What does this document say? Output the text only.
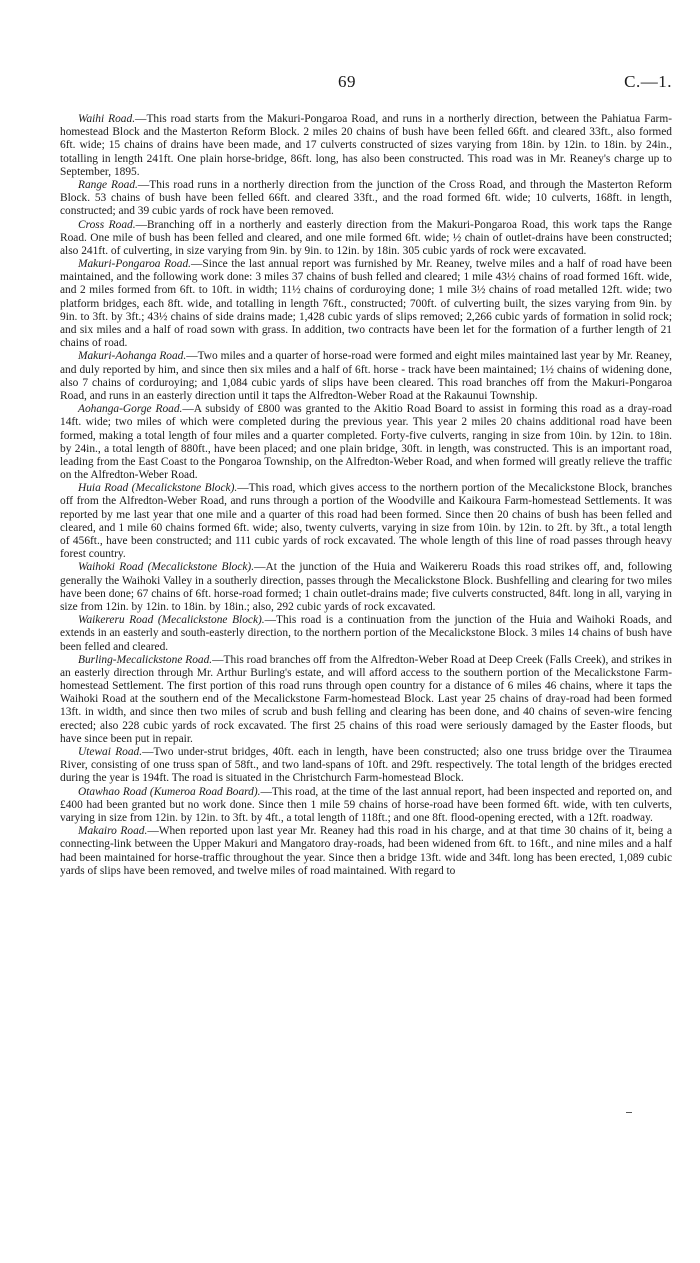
69	C.—1.

Waihi Road.—This road starts from the Makuri-Pongaroa Road, and runs in a northerly direction, between the Pahiatua Farm-homestead Block and the Masterton Reform Block. 2 miles 20 chains of bush have been felled 66ft. and cleared 33ft., also formed 6ft. wide; 15 chains of drains have been made, and 17 culverts constructed of sizes varying from 18in. by 12in. to 18in. by 24in., totalling in length 241ft. One plain horse-bridge, 86ft. long, has also been constructed. This road was in Mr. Reaney's charge up to September, 1895.

Range Road.—This road runs in a northerly direction from the junction of the Cross Road, and through the Masterton Reform Block. 53 chains of bush have been felled 66ft. and cleared 33ft., and the road formed 6ft. wide; 10 culverts, 168ft. in length, constructed; and 39 cubic yards of rock have been removed.

Cross Road.—Branching off in a northerly and easterly direction from the Makuri-Pongaroa Road, this work taps the Range Road. One mile of bush has been felled and cleared, and one mile formed 6ft. wide; ½ chain of outlet-drains have been constructed; also 241ft. of culverting, in size varying from 9in. by 9in. to 12in. by 18in. 305 cubic yards of rock were excavated.

Makuri-Pongaroa Road.—Since the last annual report was furnished by Mr. Reaney, twelve miles and a half of road have been maintained, and the following work done: 3 miles 37 chains of bush felled and cleared; 1 mile 43½ chains of road formed 16ft. wide, and 2 miles formed from 6ft. to 10ft. in width; 11½ chains of corduroying done; 1 mile 3½ chains of road metalled 12ft. wide; two platform bridges, each 8ft. wide, and totalling in length 76ft., constructed; 700ft. of culverting built, the sizes varying from 9in. by 9in. to 3ft. by 3ft.; 43½ chains of side drains made; 1,428 cubic yards of slips removed; 2,266 cubic yards of formation in solid rock; and six miles and a half of road sown with grass. In addition, two contracts have been let for the formation of a further length of 21 chains of road.

Makuri-Aohanga Road.—Two miles and a quarter of horse-road were formed and eight miles maintained last year by Mr. Reaney, and duly reported by him, and since then six miles and a half of 6ft. horse - track have been maintained; 1½ chains of widening done, also 7 chains of corduroying; and 1,084 cubic yards of slips have been cleared. This road branches off from the Makuri-Pongaroa Road, and runs in an easterly direction until it taps the Alfredton-Weber Road at the Rakaunui Township.

Aohanga-Gorge Road.—A subsidy of £800 was granted to the Akitio Road Board to assist in forming this road as a dray-road 14ft. wide; two miles of which were completed during the previous year. This year 2 miles 20 chains additional road have been formed, making a total length of four miles and a quarter completed. Forty-five culverts, ranging in size from 10in. by 12in. to 18in. by 24in., a total length of 880ft., have been placed; and one plain bridge, 30ft. in length, was constructed. This is an important road, leading from the East Coast to the Pongaroa Township, on the Alfredton-Weber Road, and when formed will greatly relieve the traffic on the Alfredton-Weber Road.

Huia Road (Mecalickstone Block).—This road, which gives access to the northern portion of the Mecalickstone Block, branches off from the Alfredton-Weber Road, and runs through a portion of the Woodville and Kaikoura Farm-homestead Settlements. It was reported by me last year that one mile and a quarter of this road had been formed. Since then 20 chains of bush has been felled and cleared, and 1 mile 60 chains formed 6ft. wide; also, twenty culverts, varying in size from 10in. by 12in. to 2ft. by 3ft., a total length of 456ft., have been constructed; and 111 cubic yards of rock excavated. The whole length of this line of road passes through heavy forest country.

Waihoki Road (Mecalickstone Block).—At the junction of the Huia and Waikereru Roads this road strikes off, and, following generally the Waihoki Valley in a southerly direction, passes through the Mecalickstone Block. Bushfelling and clearing for two miles have been done; 67 chains of 6ft. horse-road formed; 1 chain outlet-drains made; five culverts constructed, 84ft. long in all, varying in size from 12in. by 12in. to 18in. by 18in.; also, 292 cubic yards of rock excavated.

Waikereru Road (Mecalickstone Block).—This road is a continuation from the junction of the Huia and Waihoki Roads, and extends in an easterly and south-easterly direction, to the northern portion of the Mecalickstone Block. 3 miles 14 chains of bush have been felled and cleared.

Burling-Mecalickstone Road.—This road branches off from the Alfredton-Weber Road at Deep Creek (Falls Creek), and strikes in an easterly direction through Mr. Arthur Burling's estate, and will afford access to the southern portion of the Mecalickstone Farm-homestead Settlement. The first portion of this road runs through open country for a distance of 6 miles 46 chains, where it taps the Waihoki Road at the southern end of the Mecalickstone Farm-homestead Block. Last year 25 chains of dray-road had been formed 13ft. in width, and since then two miles of scrub and bush felling and clearing has been done, and 40 chains of seven-wire fencing erected; also 228 cubic yards of rock excavated. The first 25 chains of this road were seriously damaged by the Easter floods, but have since been put in repair.

Utewai Road.—Two under-strut bridges, 40ft. each in length, have been constructed; also one truss bridge over the Tiraumea River, consisting of one truss span of 58ft., and two land-spans of 10ft. and 29ft. respectively. The total length of the bridges erected during the year is 194ft. The road is situated in the Christchurch Farm-homestead Block.

Otawhao Road (Kumeroa Road Board).—This road, at the time of the last annual report, had been inspected and reported on, and £400 had been granted but no work done. Since then 1 mile 59 chains of horse-road have been formed 6ft. wide, with ten culverts, varying in size from 12in. by 12in. to 3ft. by 4ft., a total length of 118ft.; and one 8ft. flood-opening erected, with a 12ft. roadway.

Makairo Road.—When reported upon last year Mr. Reaney had this road in his charge, and at that time 30 chains of it, being a connecting-link between the Upper Makuri and Mangatoro dray-roads, had been widened from 6ft. to 16ft., and nine miles and a half had been maintained for horse-traffic throughout the year. Since then a bridge 13ft. wide and 34ft. long has been erected, 1,089 cubic yards of slips have been removed, and twelve miles of road maintained. With regard to
